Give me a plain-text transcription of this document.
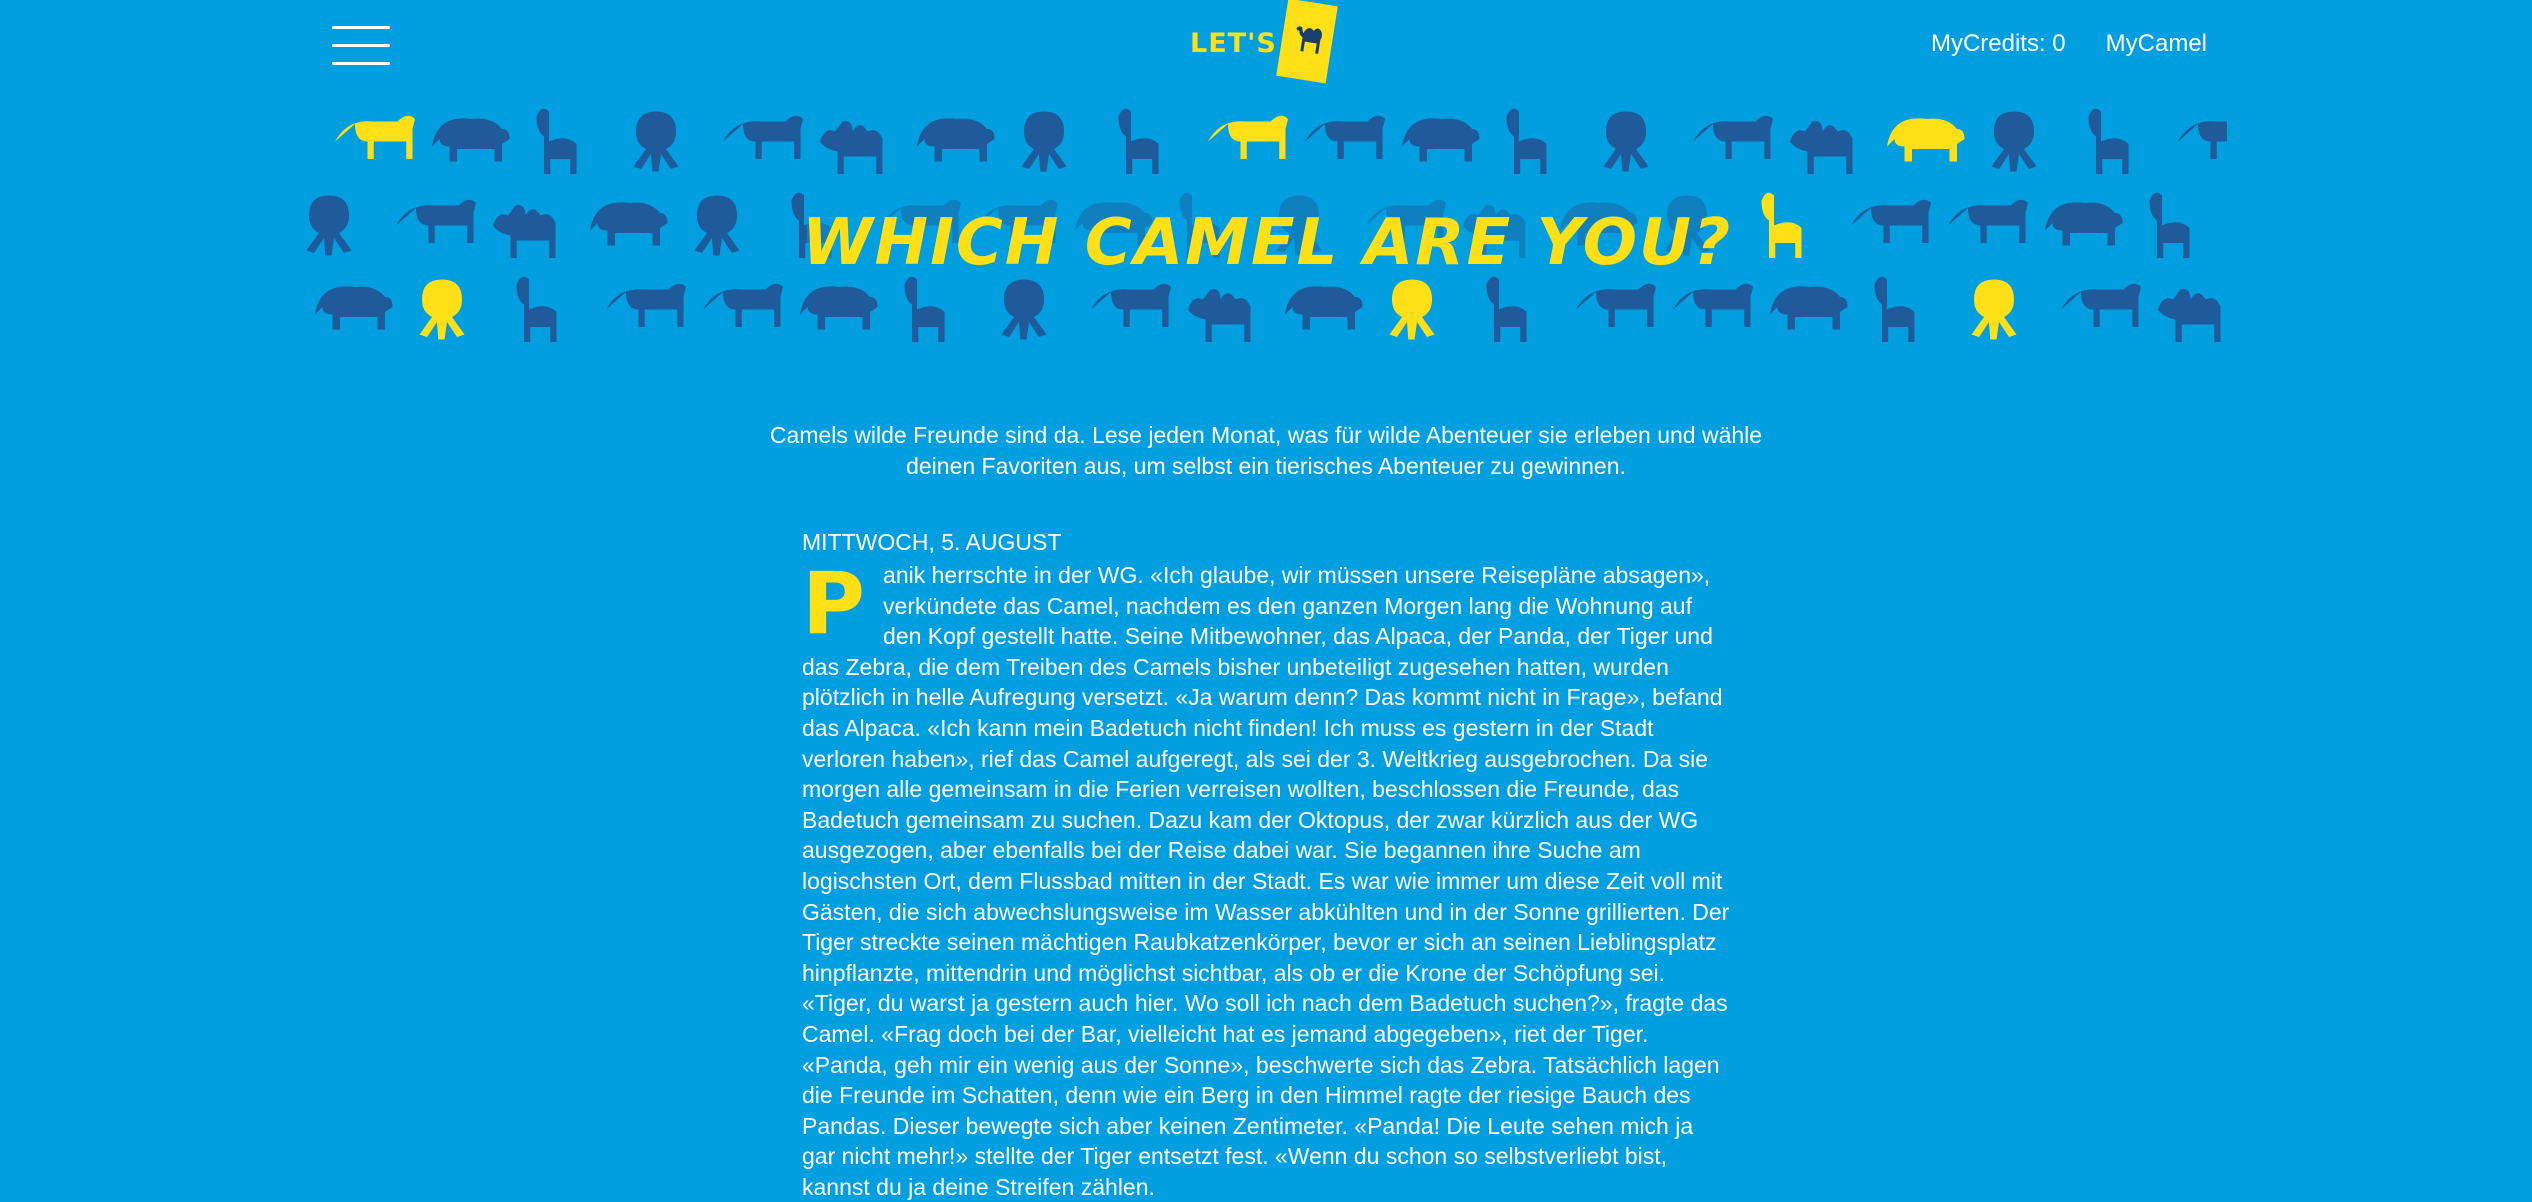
LET'S	MyCredits: 0 MyCamel
WHICH CAMEL ARE YOU?
Camels wilde Freunde sind da. Lese jeden Monat, was für wilde Abenteuer sie erleben und wähle deinen Favoriten aus, um selbst ein tierisches Abenteuer zu gewinnen.
MITTWOCH, 5. AUGUST

Panik herrschte in der WG. «Ich glaube, wir müssen unsere Reisepläne absagen», verkündete das Camel, nachdem es den ganzen Morgen lang die Wohnung auf den Kopf gestellt hatte. Seine Mitbewohner, das Alpaca, der Panda, der Tiger und das Zebra, die dem Treiben des Camels bisher unbeteiligt zugesehen hatten, wurden plötzlich in helle Aufregung versetzt. «Ja warum denn? Das kommt nicht in Frage», befand das Alpaca. «Ich kann mein Badetuch nicht finden! Ich muss es gestern in der Stadt verloren haben», rief das Camel aufgeregt, als sei der 3. Weltkrieg ausgebrochen. Da sie morgen alle gemeinsam in die Ferien verreisen wollten, beschlossen die Freunde, das Badetuch gemeinsam zu suchen. Dazu kam der Oktopus, der zwar kürzlich aus der WG ausgezogen, aber ebenfalls bei der Reise dabei war. Sie begannen ihre Suche am logischsten Ort, dem Flussbad mitten in der Stadt. Es war wie immer um diese Zeit voll mit Gästen, die sich abwechslungsweise im Wasser abkühlten und in der Sonne grillierten. Der Tiger streckte seinen mächtigen Raubkatzenkörper, bevor er sich an seinen Lieblingsplatz hinpflanzte, mittendrin und möglichst sichtbar, als ob er die Krone der Schöpfung sei. «Tiger, du warst ja gestern auch hier. Wo soll ich nach dem Badetuch suchen?», fragte das Camel. «Frag doch bei der Bar, vielleicht hat es jemand abgegeben», riet der Tiger. «Panda, geh mir ein wenig aus der Sonne», beschwerte sich das Zebra. Tatsächlich lagen die Freunde im Schatten, denn wie ein Berg in den Himmel ragte der riesige Bauch des Pandas. Dieser bewegte sich aber keinen Zentimeter. «Panda! Die Leute sehen mich ja gar nicht mehr!» stellte der Tiger entsetzt fest. «Wenn du schon so selbstverliebt bist, kannst du ja deine Streifen zählen.
